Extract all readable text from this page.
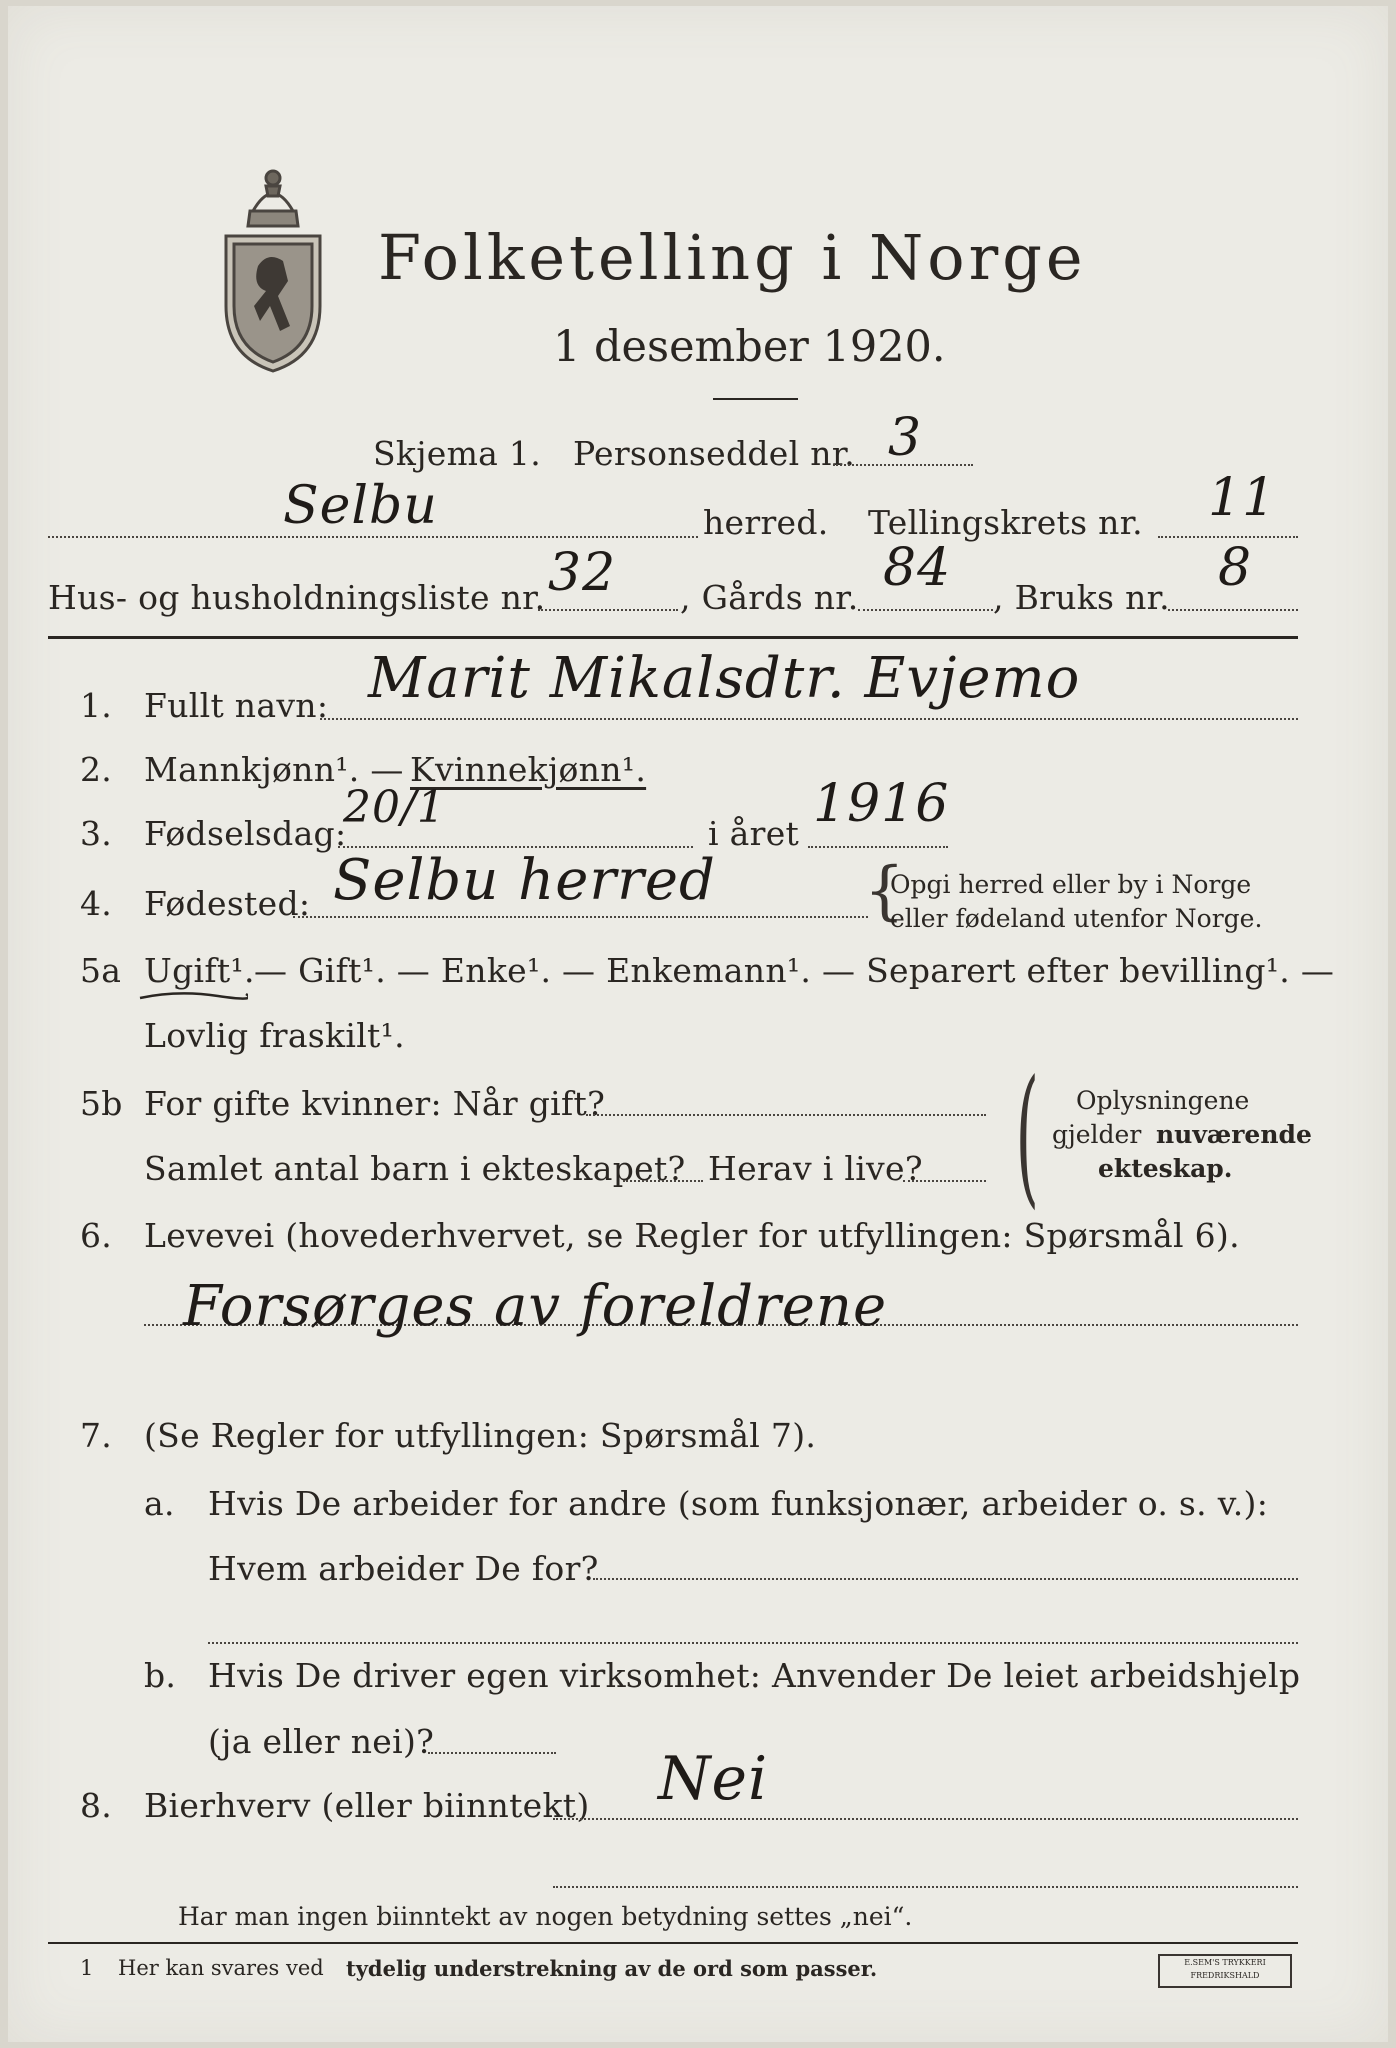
Folketelling i Norge
1 desember 1920.
Skjema 1. Personseddel nr. 3
Selbu	herred. Tellingskrets nr. 11
Hus- og husholdningsliste nr. 32 , Gårds nr. 84 , Bruks nr. 8
1. Fullt navn: Marit Mikalsdtr. Evjemo
2. Mannkjønn¹. — Kvinnekjønn¹.
3. Fødselsdag:
20/1
i året 1916
4. Fødested: Selbu herred {
Opgi herred eller by i Norge
eller fødeland utenfor Norge.
5a Ugift¹. — Gift¹. — Enke¹. — Enkemann¹. — Separert efter bevilling¹. —
Lovlig fraskilt¹.
5b For gifte kvinner: Når gift?
Samlet antal barn i ekteskapet? Herav i live? ( Oplysningene
gjelder nuværende
ekteskap.
6. Levevei (hovederhvervet, se Regler for utfyllingen: Spørsmål 6).
Forsørges av foreldrene
7. (Se Regler for utfyllingen: Spørsmål 7).
a. Hvis De arbeider for andre (som funksjonær, arbeider o. s. v.):
Hvem arbeider De for?
b. Hvis De driver egen virksomhet: Anvender De leiet arbeidshjelp
(ja eller nei)?
8. Bierhverv (eller biinntekt) Nei
Har man ingen biinntekt av nogen betydning settes „nei“.
1 Her kan svares ved tydelig understrekning av de ord som passer.	E.SEM'S TRYKKERI
FREDRIKSHALD
